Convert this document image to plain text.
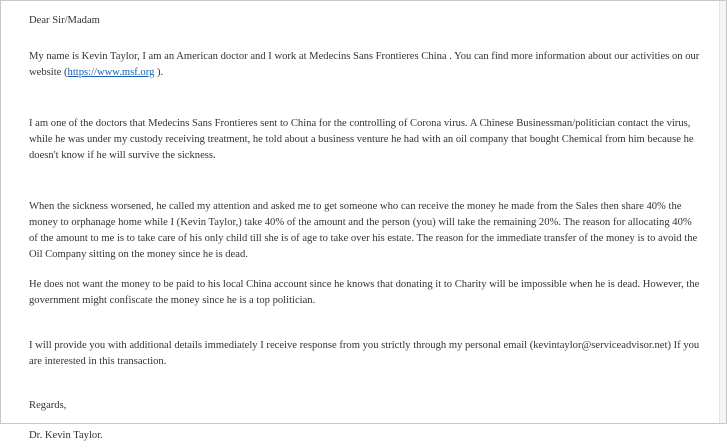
Dear Sir/Madam

My name is Kevin Taylor, I am an American doctor and I work at Medecins Sans Frontieres China . You can find more information about our activities on our website (https://www.msf.org ).

I am one of the doctors that Medecins Sans Frontieres sent to China for the controlling of Corona virus. A Chinese Businessman/politician contact the virus, while he was under my custody receiving treatment, he told about a business venture he had with an oil company that bought Chemical from him because he doesn't know if he will survive the sickness.

When the sickness worsened, he called my attention and asked me to get someone who can receive the money he made from the Sales then share 40% the money to orphanage home while I (Kevin Taylor,) take 40% of the amount and the person (you) will take the remaining 20%. The reason for allocating 40% of the amount to me is to take care of his only child till she is of age to take over his estate. The reason for the immediate transfer of the money is to avoid the Oil Company sitting on the money since he is dead.

He does not want the money to be paid to his local China account since he knows that donating it to Charity will be impossible when he is dead. However, the government might confiscate the money since he is a top politician.

I will provide you with additional details immediately I receive response from you strictly through my personal email (kevintaylor@serviceadvisor.net) If you are interested in this transaction.

Regards,

Dr. Kevin Taylor.
